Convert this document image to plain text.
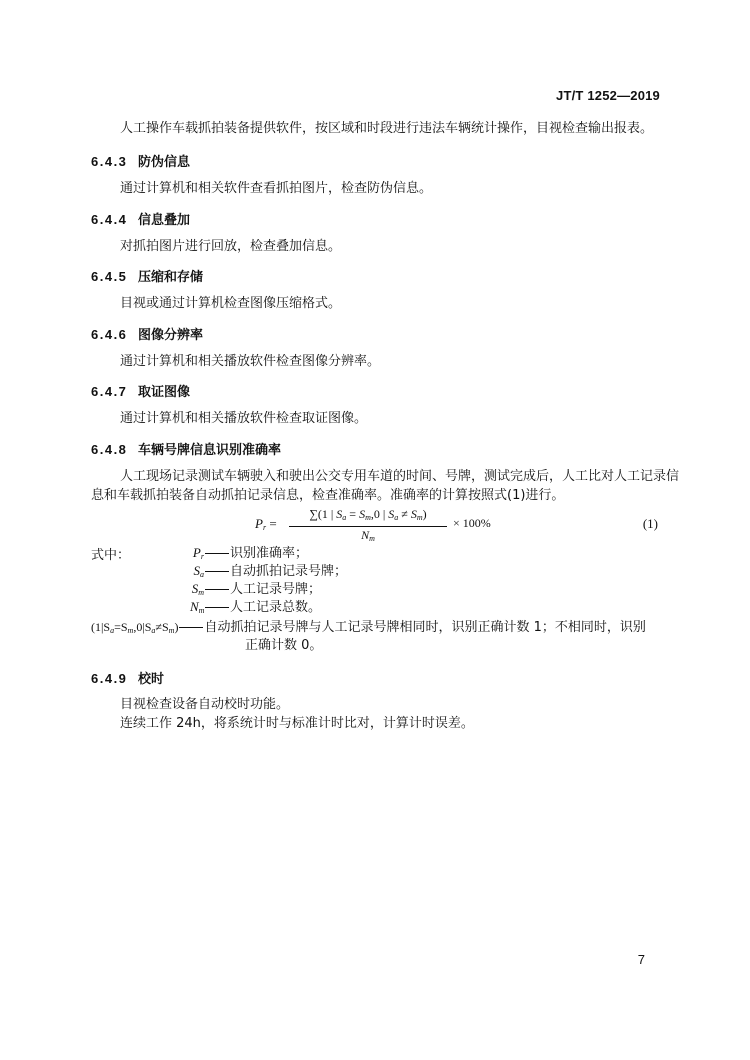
JT/T 1252—2019
人工操作车载抓拍装备提供软件，按区域和时段进行违法车辆统计操作，目视检查输出报表。
6.4.3 防伪信息
通过计算机和相关软件查看抓拍图片，检查防伪信息。
6.4.4 信息叠加
对抓拍图片进行回放，检查叠加信息。
6.4.5 压缩和存储
目视或通过计算机检查图像压缩格式。
6.4.6 图像分辨率
通过计算机和相关播放软件检查图像分辨率。
6.4.7 取证图像
通过计算机和相关播放软件检查取证图像。
6.4.8 车辆号牌信息识别准确率
人工现场记录测试车辆驶入和驶出公交专用车道的时间、号牌，测试完成后，人工比对人工记录信
息和车载抓拍装备自动抓拍记录信息，检查准确率。准确率的计算按照式(1)进行。
$P_r$ =
∑(1 | $S_a = S_m,0$ | $S_a \ne S_m$)
$N_m$
× 100%	(1)
式中：	$P_r$ 识别准确率；
$S_a$ 自动抓拍记录号牌；
$S_m$ 人工记录号牌；
$N_m$ 人工记录总数。
$(1|S_a=S_m,0|S_a\ne S_m)$ 自动抓拍记录号牌与人工记录号牌相同时，识别正确计数 1；不相同时，识别
正确计数 0。
6.4.9 校时
目视检查设备自动校时功能。
连续工作 24h，将系统计时与标准计时比对，计算计时误差。
7
